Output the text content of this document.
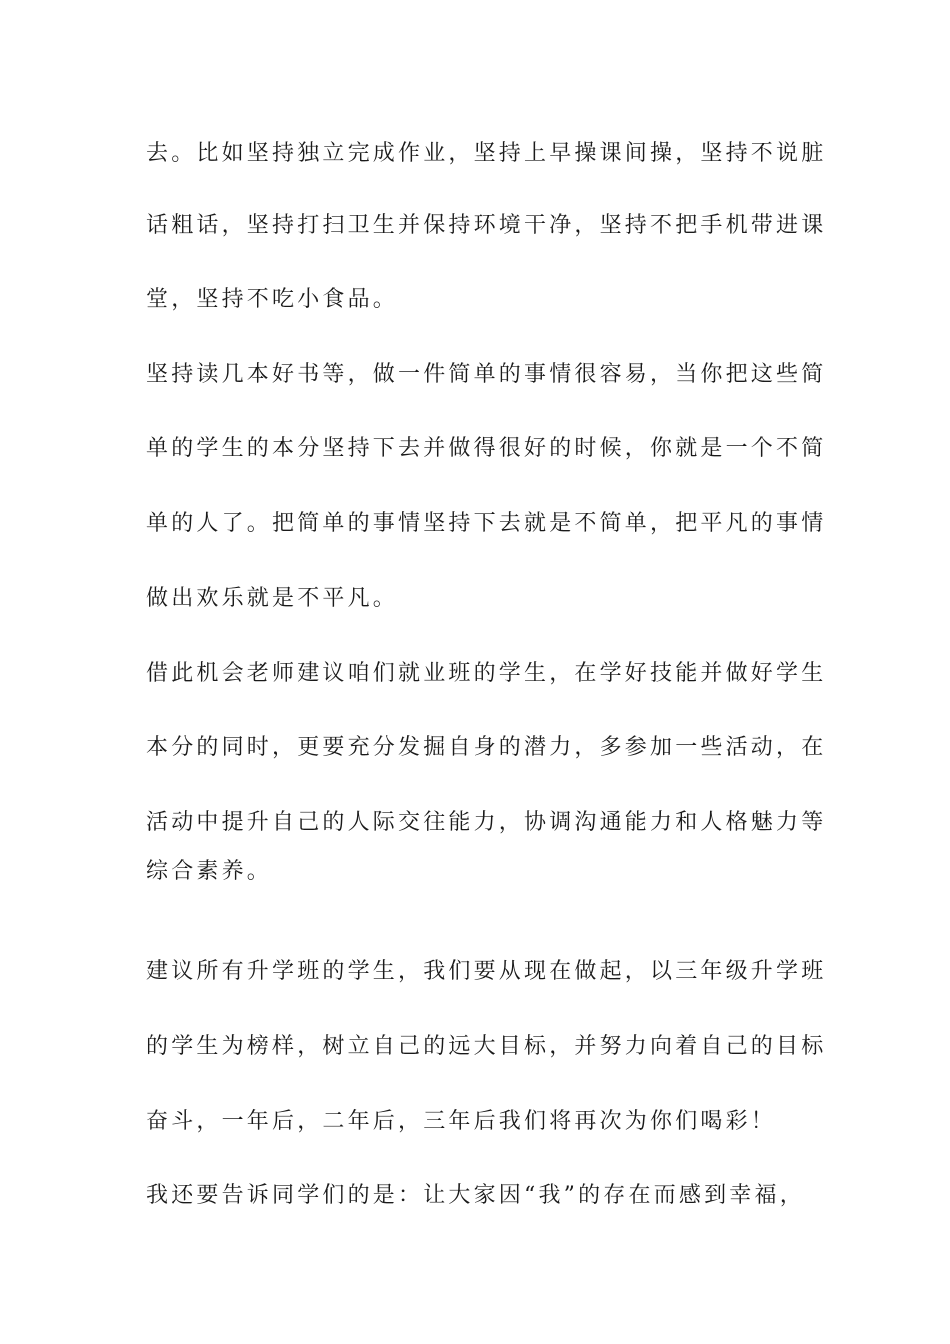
去。比如坚持独立完成作业，坚持上早操课间操，坚持不说脏

话粗话，坚持打扫卫生并保持环境干净，坚持不把手机带进课

堂，坚持不吃小食品。

坚持读几本好书等，做一件简单的事情很容易，当你把这些简

单的学生的本分坚持下去并做得很好的时候，你就是一个不简

单的人了。把简单的事情坚持下去就是不简单，把平凡的事情

做出欢乐就是不平凡。

借此机会老师建议咱们就业班的学生，在学好技能并做好学生

本分的同时，更要充分发掘自身的潜力，多参加一些活动，在

活动中提升自己的人际交往能力，协调沟通能力和人格魅力等

综合素养。

建议所有升学班的学生，我们要从现在做起，以三年级升学班

的学生为榜样，树立自己的远大目标，并努力向着自己的目标

奋斗，一年后，二年后，三年后我们将再次为你们喝彩！

我还要告诉同学们的是：让大家因“我”的存在而感到幸福，
